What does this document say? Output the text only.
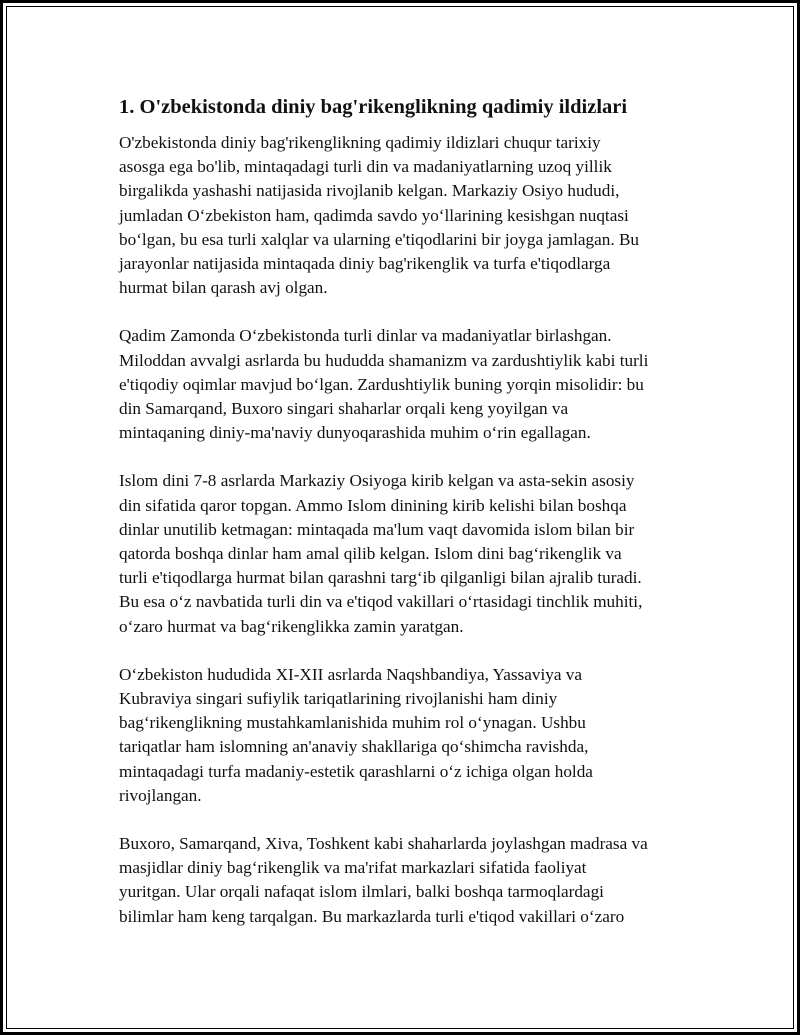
1. O'zbekistonda diniy bag'rikenglikning qadimiy ildizlari

O'zbekistonda diniy bag'rikenglikning qadimiy ildizlari chuqur tarixiy
asosga ega bo'lib, mintaqadagi turli din va madaniyatlarning uzoq yillik
birgalikda yashashi natijasida rivojlanib kelgan. Markaziy Osiyo hududi,
jumladan O‘zbekiston ham, qadimda savdo yo‘llarining kesishgan nuqtasi
bo‘lgan, bu esa turli xalqlar va ularning e'tiqodlarini bir joyga jamlagan. Bu
jarayonlar natijasida mintaqada diniy bag'rikenglik va turfa e'tiqodlarga
hurmat bilan qarash avj olgan.

Qadim Zamonda O‘zbekistonda turli dinlar va madaniyatlar birlashgan.
Miloddan avvalgi asrlarda bu hududda shamanizm va zardushtiylik kabi turli
e'tiqodiy oqimlar mavjud bo‘lgan. Zardushtiylik buning yorqin misolidir: bu
din Samarqand, Buxoro singari shaharlar orqali keng yoyilgan va
mintaqaning diniy-ma'naviy dunyoqarashida muhim o‘rin egallagan.

Islom dini 7-8 asrlarda Markaziy Osiyoga kirib kelgan va asta-sekin asosiy
din sifatida qaror topgan. Ammo Islom dinining kirib kelishi bilan boshqa
dinlar unutilib ketmagan: mintaqada ma'lum vaqt davomida islom bilan bir
qatorda boshqa dinlar ham amal qilib kelgan. Islom dini bag‘rikenglik va
turli e'tiqodlarga hurmat bilan qarashni targ‘ib qilganligi bilan ajralib turadi.
Bu esa o‘z navbatida turli din va e'tiqod vakillari o‘rtasidagi tinchlik muhiti,
o‘zaro hurmat va bag‘rikenglikka zamin yaratgan.

O‘zbekiston hududida XI-XII asrlarda Naqshbandiya, Yassaviya va
Kubraviya singari sufiylik tariqatlarining rivojlanishi ham diniy
bag‘rikenglikning mustahkamlanishida muhim rol o‘ynagan. Ushbu
tariqatlar ham islomning an'anaviy shakllariga qo‘shimcha ravishda,
mintaqadagi turfa madaniy-estetik qarashlarni o‘z ichiga olgan holda
rivojlangan.

Buxoro, Samarqand, Xiva, Toshkent kabi shaharlarda joylashgan madrasa va
masjidlar diniy bag‘rikenglik va ma'rifat markazlari sifatida faoliyat
yuritgan. Ular orqali nafaqat islom ilmlari, balki boshqa tarmoqlardagi
bilimlar ham keng tarqalgan. Bu markazlarda turli e'tiqod vakillari o‘zaro
